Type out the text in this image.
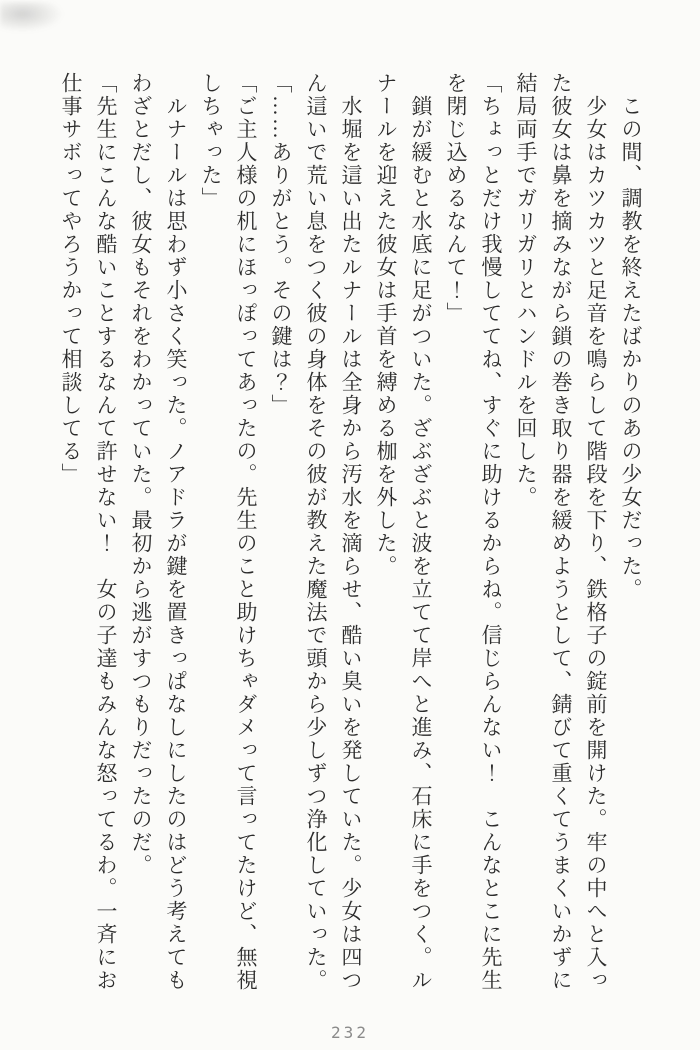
　この間、調教を終えたばかりのあの少女だった。

　少女はカツカツと足音を鳴らして階段を下り、鉄格子の錠前を開けた。牢の中へと入っ

た彼女は鼻を摘みながら鎖の巻き取り器を緩めようとして、錆びて重くてうまくいかずに

結局両手でガリガリとハンドルを回した。

「ちょっとだけ我慢しててね、すぐに助けるからね。信じらんない！　こんなとこに先生

を閉じ込めるなんて！」

　鎖が緩むと水底に足がついた。ざぶざぶと波を立てて岸へと進み、石床に手をつく。ル

ナールを迎えた彼女は手首を縛める枷を外した。

　水堀を這い出たルナールは全身から汚水を滴らせ、酷い臭いを発していた。少女は四つ

ん這いで荒い息をつく彼の身体をその彼が教えた魔法で頭から少しずつ浄化していった。

「……ありがとう。その鍵は？」

「ご主人様の机にほっぽってあったの。先生のこと助けちゃダメって言ってたけど、無視

しちゃった」

　ルナールは思わず小さく笑った。ノアドラが鍵を置きっぱなしにしたのはどう考えても

わざとだし、彼女もそれをわかっていた。最初から逃がすつもりだったのだ。

「先生にこんな酷いことするなんて許せない！　女の子達もみんな怒ってるわ。一斉にお

仕事サボってやろうかって相談してる」

232
